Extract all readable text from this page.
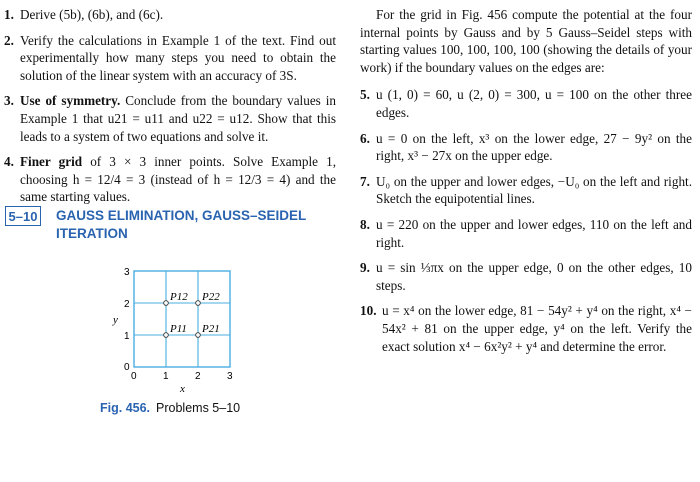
1. Derive (5b), (6b), and (6c).

2. Verify the calculations in Example 1 of the text. Find out experimentally how many steps you need to obtain the solution of the linear system with an accuracy of 3S.

3. Use of symmetry. Conclude from the boundary values in Example 1 that u21 = u11 and u22 = u12. Show that this leads to a system of two equations and solve it.

4. Finer grid of 3 × 3 inner points. Solve Example 1, choosing h = 12/4 = 3 (instead of h = 12/3 = 4) and the same starting values.

5–10 GAUSS ELIMINATION, GAUSS–SEIDEL ITERATION

P12 P22
P11 P21
0	1	2	3
0
1
2
3
x
y

Fig. 456. Problems 5–10

For the grid in Fig. 456 compute the potential at the four internal points by Gauss and by 5 Gauss–Seidel steps with starting values 100, 100, 100, 100 (showing the details of your work) if the boundary values on the edges are:

5. u (1, 0) = 60, u (2, 0) = 300, u = 100 on the other three edges.

6. u = 0 on the left, x³ on the lower edge, 27 − 9y² on the right, x³ − 27x on the upper edge.

7. U₀ on the upper and lower edges, −U₀ on the left and right. Sketch the equipotential lines.

8. u = 220 on the upper and lower edges, 110 on the left and right.

9. u = sin ⅓πx on the upper edge, 0 on the other edges, 10 steps.

10. u = x⁴ on the lower edge, 81 − 54y² + y⁴ on the right, x⁴ − 54x² + 81 on the upper edge, y⁴ on the left. Verify the exact solution x⁴ − 6x²y² + y⁴ and determine the error.
